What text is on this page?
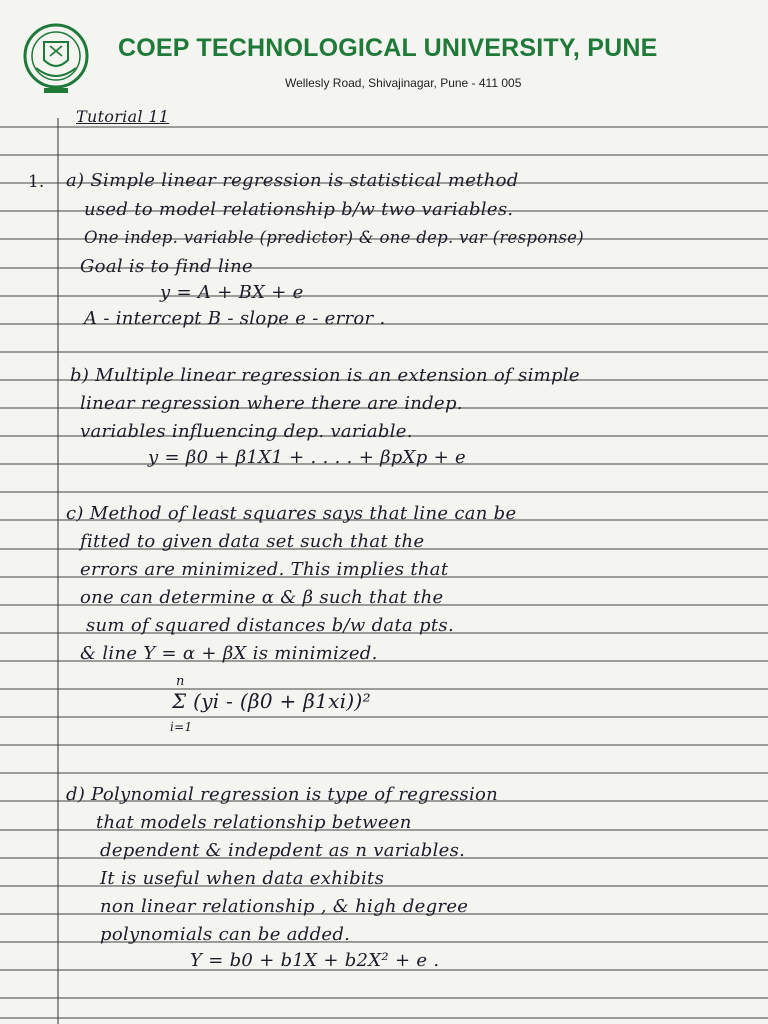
COEP TECHNOLOGICAL UNIVERSITY, PUNE
Wellesly Road, Shivajinagar, Pune - 411 005
Tutorial 11
1. a) Simple linear regression is statistical method
used to model relationship b/w two variables.
One indep. variable (predictor) & one dep. var (response)
Goal is to find line
y = A + BX + e
A - intercept B - slope e - error .
b) Multiple linear regression is an extension of simple
linear regression where there are indep.
variables influencing dep. variable.
y = β0 + β1X1 + . . . . + βpXp + e
c) Method of least squares says that line can be
fitted to given data set such that the
errors are minimized. This implies that
one can determine α & β such that the
sum of squared distances b/w data pts.
& line Y = α + βX is minimized.
n
Σ (yi - (β0 + β1xi))²
i=1
d) Polynomial regression is type of regression
that models relationship between
dependent & indepdent as n variables.
It is useful when data exhibits
non linear relationship , & high degree
polynomials can be added.
Y = b0 + b1X + b2X² + e .
